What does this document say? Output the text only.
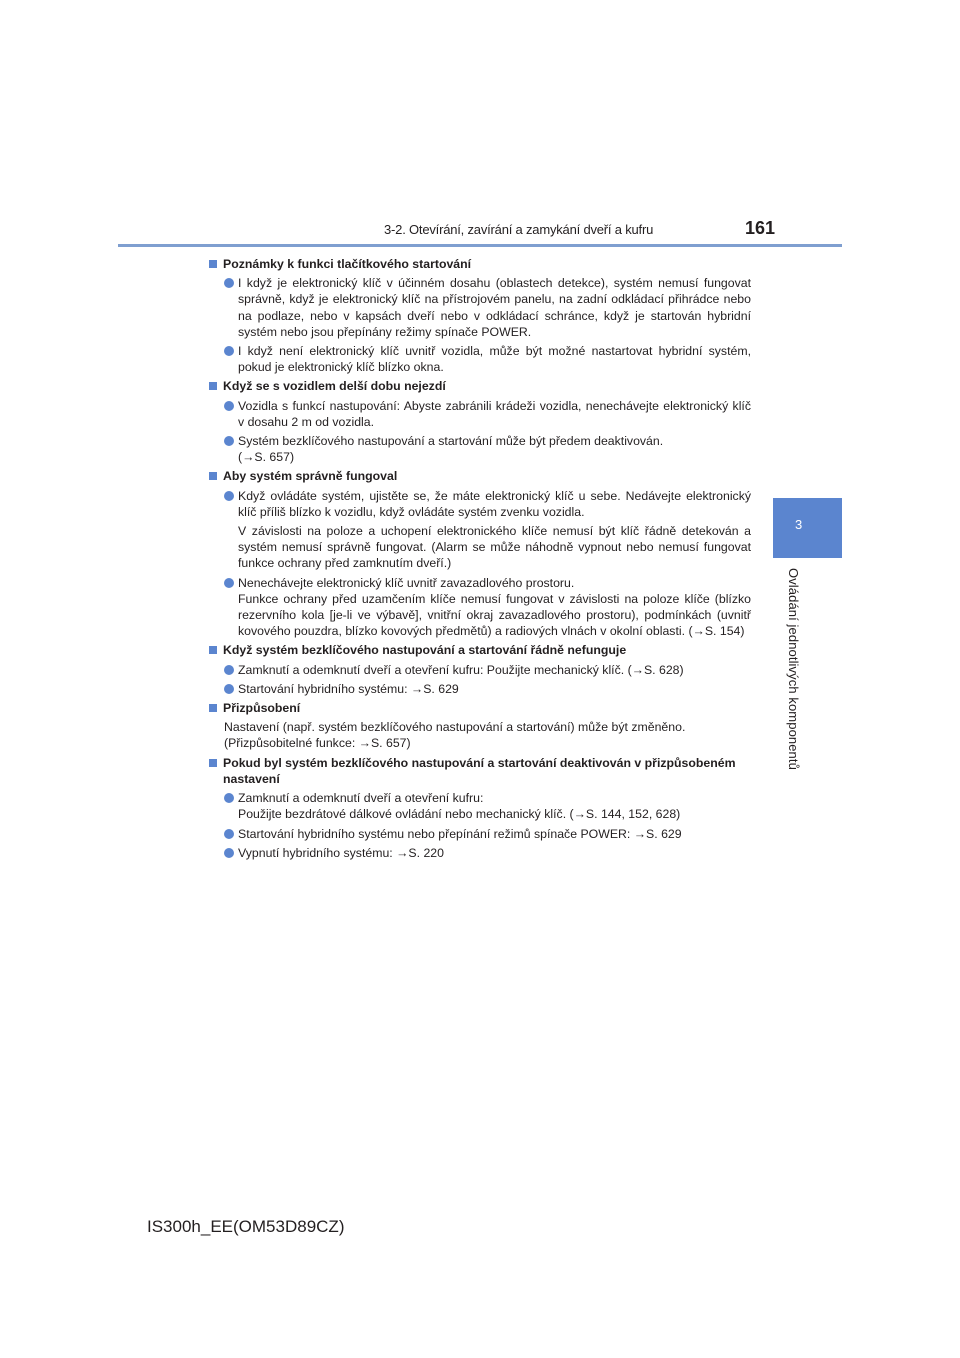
3-2. Otevírání, zavírání a zamykání dveří a kufru	161
3
Ovládání jednotlivých komponentů
Poznámky k funkci tlačítkového startování
I když je elektronický klíč v účinném dosahu (oblastech detekce), systém nemusí fungovat správně, když je elektronický klíč na přístrojovém panelu, na zadní odkládací přihrádce nebo na podlaze, nebo v kapsách dveří nebo v odkládací schránce, když je startován hybridní systém nebo jsou přepínány režimy spínače POWER.
I když není elektronický klíč uvnitř vozidla, může být možné nastartovat hybridní systém, pokud je elektronický klíč blízko okna.
Když se s vozidlem delší dobu nejezdí
Vozidla s funkcí nastupování: Abyste zabránili krádeži vozidla, nenechávejte elektronický klíč v dosahu 2 m od vozidla.
Systém bezklíčového nastupování a startování může být předem deaktivován.
(→S. 657)
Aby systém správně fungoval
Když ovládáte systém, ujistěte se, že máte elektronický klíč u sebe. Nedávejte elektronický klíč příliš blízko k vozidlu, když ovládáte systém zvenku vozidla.
V závislosti na poloze a uchopení elektronického klíče nemusí být klíč řádně detekován a systém nemusí správně fungovat. (Alarm se může náhodně vypnout nebo nemusí fungovat funkce ochrany před zamknutím dveří.)
Nenechávejte elektronický klíč uvnitř zavazadlového prostoru.
Funkce ochrany před uzamčením klíče nemusí fungovat v závislosti na poloze klíče (blízko rezervního kola [je-li ve výbavě], vnitřní okraj zavazadlového prostoru), podmínkách (uvnitř kovového pouzdra, blízko kovových předmětů) a radiových vlnách v okolní oblasti. (→S. 154)
Když systém bezklíčového nastupování a startování řádně nefunguje
Zamknutí a odemknutí dveří a otevření kufru: Použijte mechanický klíč. (→S. 628)
Startování hybridního systému: →S. 629
Přizpůsobení
Nastavení (např. systém bezklíčového nastupování a startování) může být změněno.
(Přizpůsobitelné funkce: →S. 657)
Pokud byl systém bezklíčového nastupování a startování deaktivován v přizpůsobeném nastavení
Zamknutí a odemknutí dveří a otevření kufru:
Použijte bezdrátové dálkové ovládání nebo mechanický klíč. (→S. 144, 152, 628)
Startování hybridního systému nebo přepínání režimů spínače POWER: →S. 629
Vypnutí hybridního systému: →S. 220
IS300h_EE(OM53D89CZ)
